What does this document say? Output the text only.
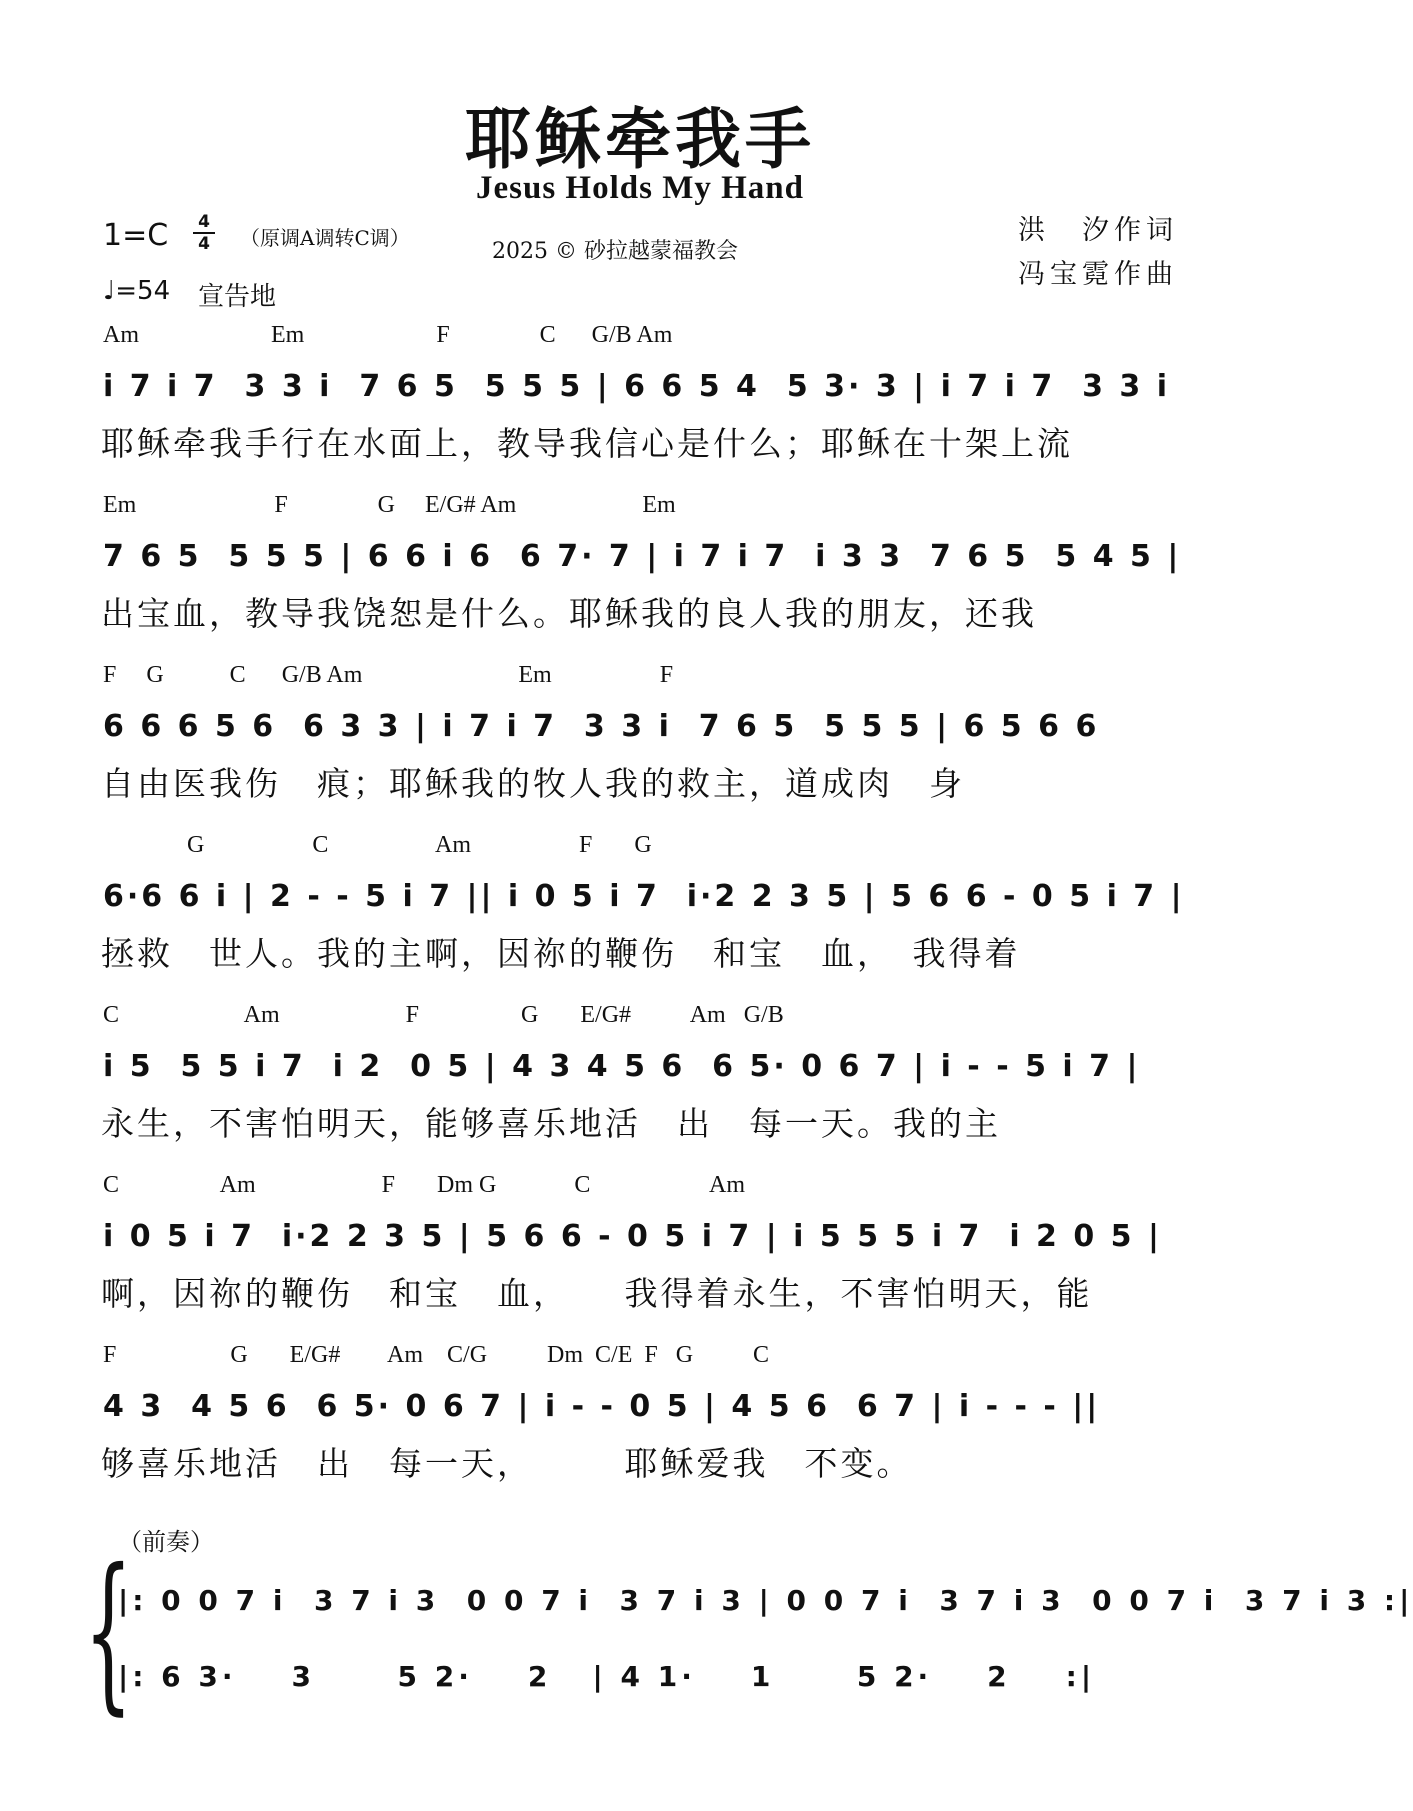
耶稣牵我手
Jesus Holds My Hand
1=C 4
4 （原调A调转C调）
2025 © 砂拉越蒙福教会
洪　汐作词
冯宝霓作曲
♩=54 宣告地
Am                      Em                      F               C      G/B Am
i 7 i 7  3 3 i  7 6 5  5 5 5 | 6 6 5 4  5 3· 3 | i 7 i 7  3 3 i
耶稣牵我手行在水面上，教导我信心是什么；耶稣在十架上流
Em                       F               G     E/G# Am                     Em
7 6 5  5 5 5 | 6 6 i 6  6 7· 7 | i 7 i 7  i 3 3  7 6 5  5 4 5 |
出宝血，教导我饶恕是什么。耶稣我的良人我的朋友，还我
F     G           C      G/B Am                          Em                  F
6 6 6 5 6  6 3 3 | i 7 i 7  3 3 i  7 6 5  5 5 5 | 6 5 6 6
自由医我伤　痕；耶稣我的牧人我的救主，道成肉　身
G                  C                  Am                  F       G
6·6 6 i | 2 - - 5 i 7 || i 0 5 i 7  i·2 2 3 5 | 5 6 6 - 0 5 i 7 |
拯救　世人。我的主啊，因祢的鞭伤　和宝　血，　我得着
C                     Am                     F                 G       E/G#          Am   G/B
i 5  5 5 i 7  i 2  0 5 | 4 3 4 5 6  6 5· 0 6 7 | i - - 5 i 7 |
永生，不害怕明天，能够喜乐地活　出　每一天。我的主
C                 Am                     F       Dm G             C                    Am
i 0 5 i 7  i·2 2 3 5 | 5 6 6 - 0 5 i 7 | i 5 5 5 i 7  i 2 0 5 |
啊，因祢的鞭伤　和宝　血，　　我得着永生，不害怕明天，能
F                   G       E/G#        Am    C/G          Dm  C/E  F   G          C
4 3  4 5 6  6 5· 0 6 7 | i - - 0 5 | 4 5 6  6 7 | i - - - ||
够喜乐地活　出　每一天，　　　耶稣爱我　不变。
（前奏）
{
|: 0 0 7 i  3 7 i 3  0 0 7 i  3 7 i 3 | 0 0 7 i  3 7 i 3  0 0 7 i  3 7 i 3 :|
|: 6 3·    3      5 2·    2   | 4 1·    1      5 2·    2    :|
